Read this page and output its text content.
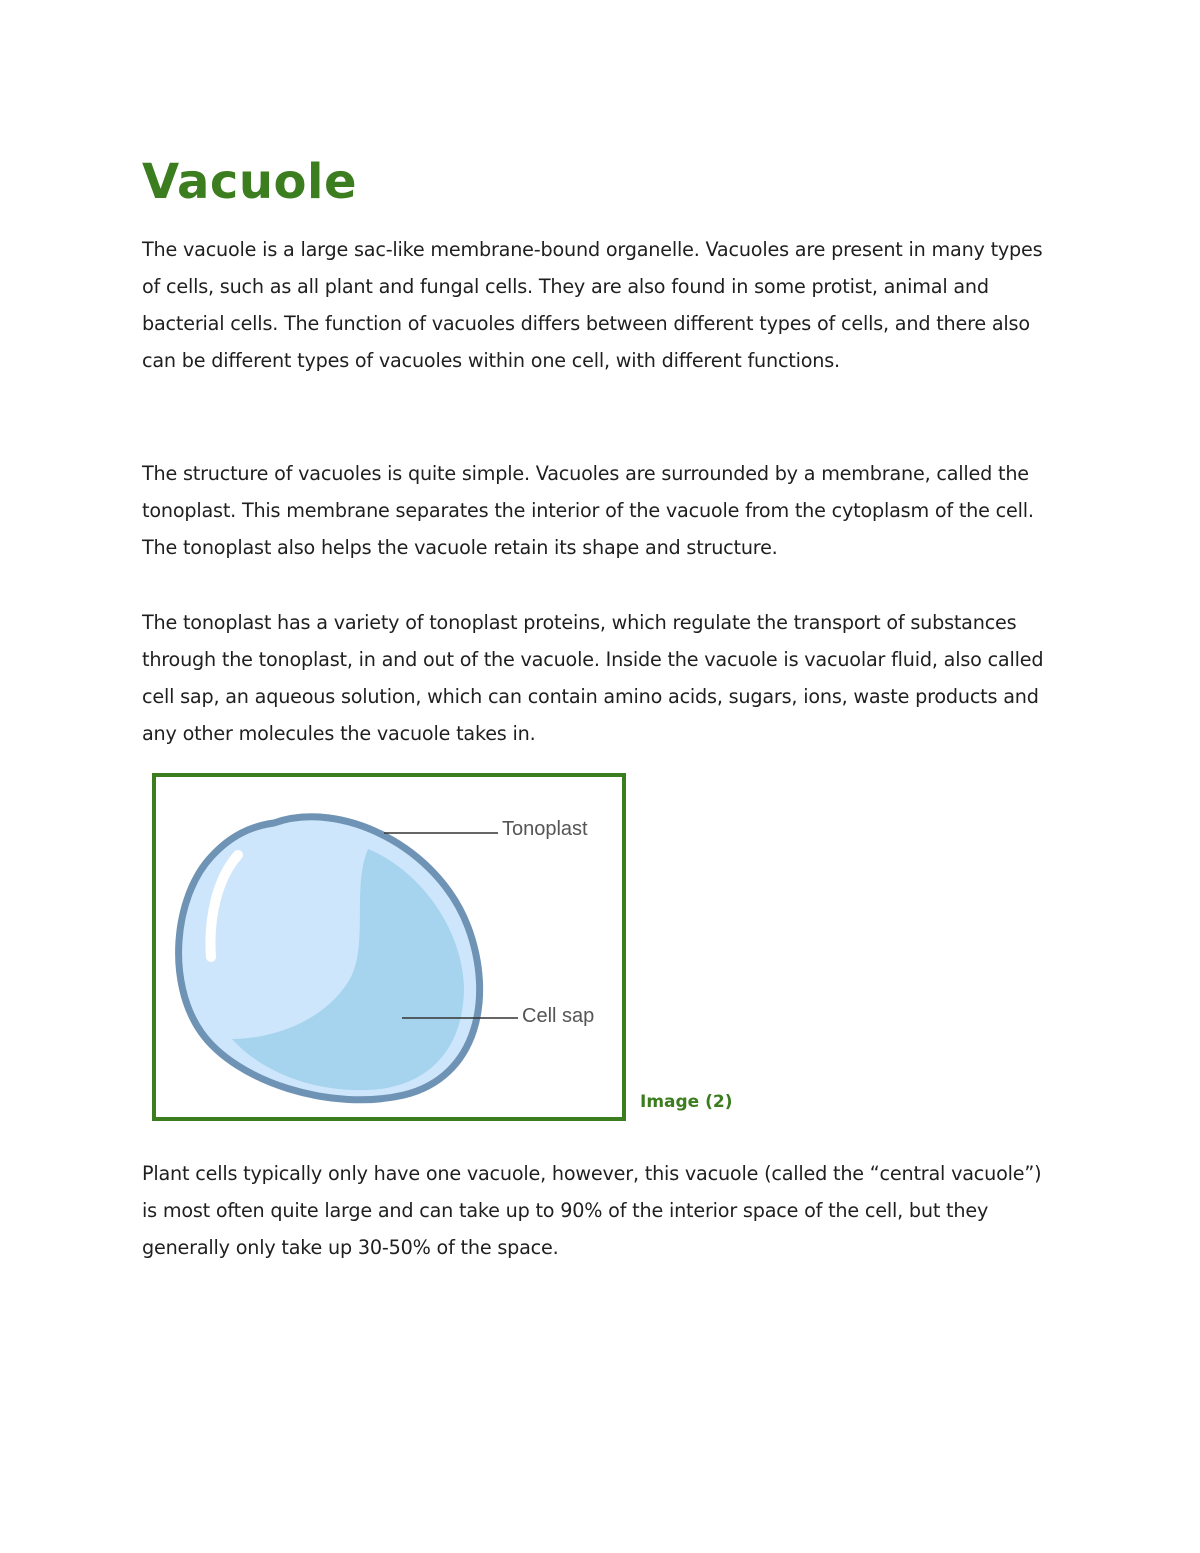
Vacuole

The vacuole is a large sac-like membrane-bound organelle. Vacuoles are present in many types of cells, such as all plant and fungal cells. They are also found in some protist, animal and bacterial cells. The function of vacuoles differs between different types of cells, and there also can be different types of vacuoles within one cell, with different functions.

The structure of vacuoles is quite simple. Vacuoles are surrounded by a membrane, called the tonoplast. This membrane separates the interior of the vacuole from the cytoplasm of the cell. The tonoplast also helps the vacuole retain its shape and structure.

The tonoplast has a variety of tonoplast proteins, which regulate the transport of substances through the tonoplast, in and out of the vacuole. Inside the vacuole is vacuolar fluid, also called cell sap, an aqueous solution, which can contain amino acids, sugars, ions, waste products and any other molecules the vacuole takes in.

Tonoplast
Cell sap
Image (2)

Plant cells typically only have one vacuole, however, this vacuole (called the “central vacuole”) is most often quite large and can take up to 90% of the interior space of the cell, but they generally only take up 30-50% of the space.
